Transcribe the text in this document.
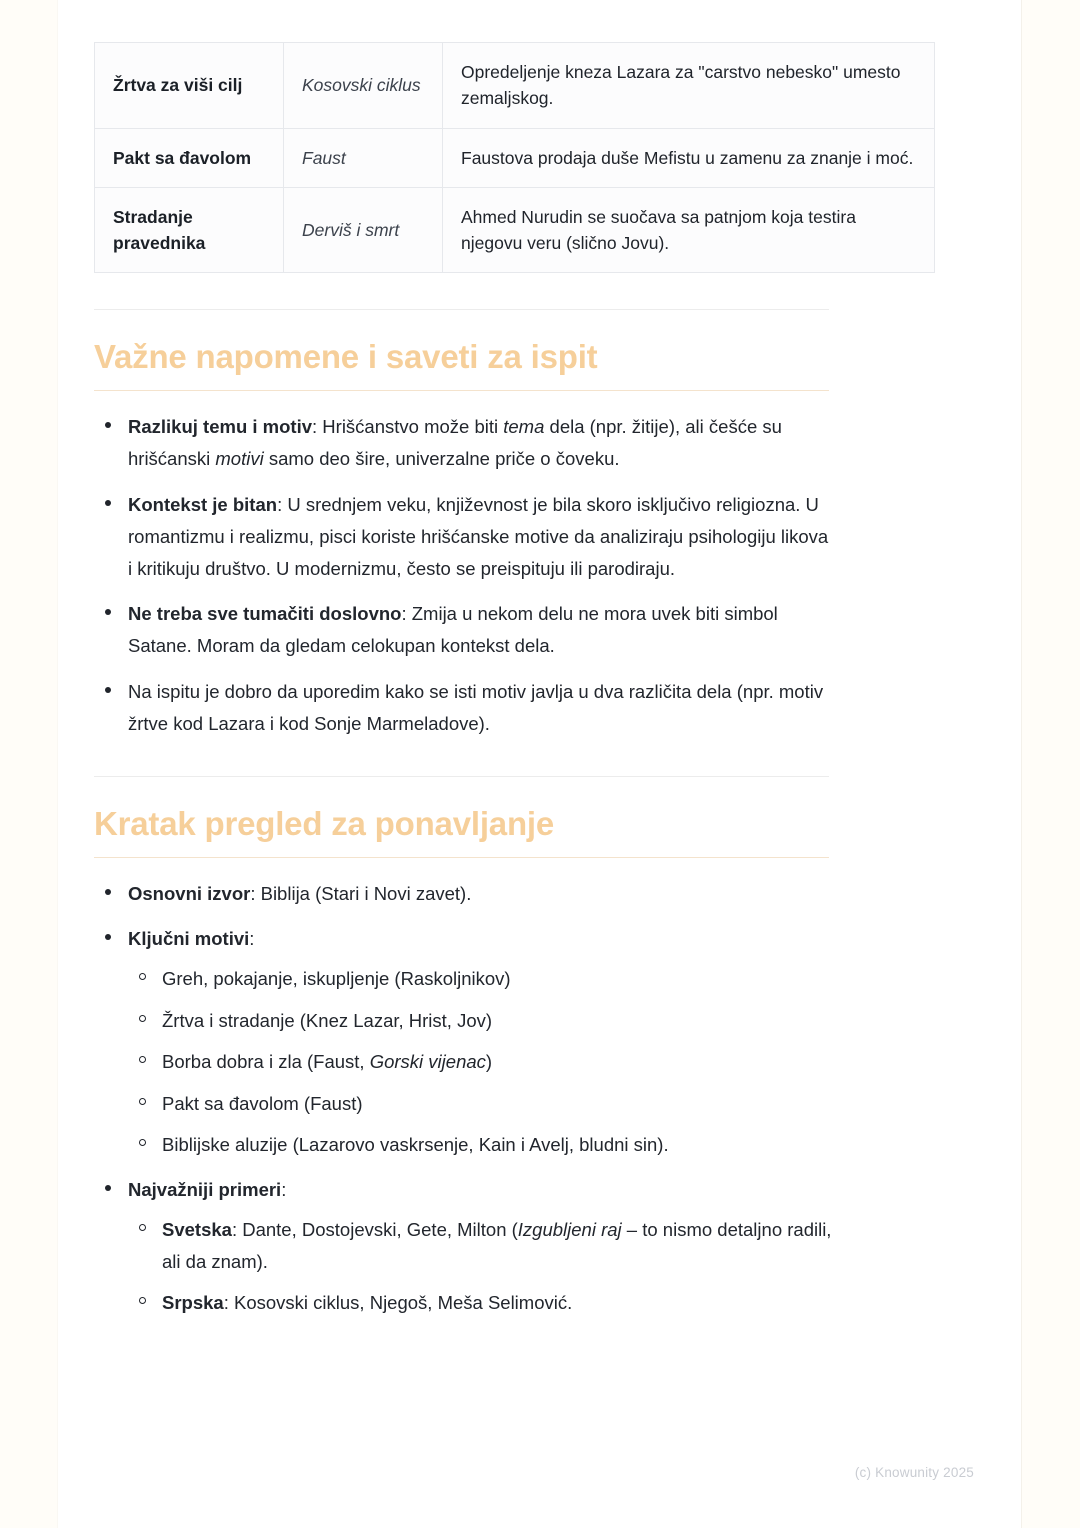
Žrtva za viši cilj	Kosovski ciklus	Opredeljenje kneza Lazara za "carstvo nebesko" umesto zemaljskog.
Pakt sa đavolom	Faust	Faustova prodaja duše Mefistu u zamenu za znanje i moć.
Stradanje pravednika	Derviš i smrt	Ahmed Nurudin se suočava sa patnjom koja testira njegovu veru (slično Jovu).
Važne napomene i saveti za ispit
Razlikuj temu i motiv: Hrišćanstvo može biti tema dela (npr. žitije), ali češće su hrišćanski motivi samo deo šire, univerzalne priče o čoveku.
Kontekst je bitan: U srednjem veku, književnost je bila skoro isključivo religiozna. U romantizmu i realizmu, pisci koriste hrišćanske motive da analiziraju psihologiju likova i kritikuju društvo. U modernizmu, često se preispituju ili parodiraju.
Ne treba sve tumačiti doslovno: Zmija u nekom delu ne mora uvek biti simbol Satane. Moram da gledam celokupan kontekst dela.
Na ispitu je dobro da uporedim kako se isti motiv javlja u dva različita dela (npr. motiv žrtve kod Lazara i kod Sonje Marmeladove).
Kratak pregled za ponavljanje
Osnovni izvor: Biblija (Stari i Novi zavet).
Ključni motivi:
Greh, pokajanje, iskupljenje (Raskoljnikov)
Žrtva i stradanje (Knez Lazar, Hrist, Jov)
Borba dobra i zla (Faust, Gorski vijenac)
Pakt sa đavolom (Faust)
Biblijske aluzije (Lazarovo vaskrsenje, Kain i Avelj, bludni sin).
Najvažniji primeri:
Svetska: Dante, Dostojevski, Gete, Milton (Izgubljeni raj – to nismo detaljno radili, ali da znam).
Srpska: Kosovski ciklus, Njegoš, Meša Selimović.
(c) Knowunity 2025
